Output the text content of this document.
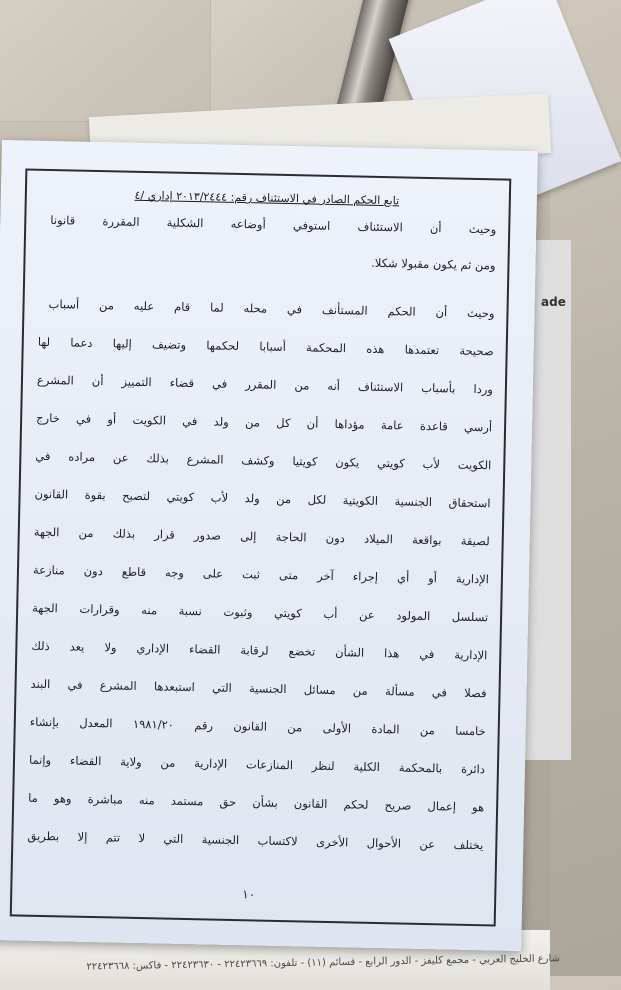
ade
شارع الخليج العربي - مجمع كليفز - الدور الرابع - قسائم (١١) - تلفون: ٢٢٤٢٣٦٦٩ - ٢٢٤٢٣٦٣٠ - فاكس: ٢٢٤٢٣٦٦٨
تابع الحكم الصادر في الاستئناف رقم: ٢٠١٣/٢٤٤٤ إداري /٤
وحيث أن الاستئناف استوفي أوضاعه الشكلية المقررة قانونا
ومن ثم يكون مقبولا شكلا.
وحيث أن الحكم المستأنف في محله لما قام عليه من أسباب
صحيحة تعتمدها هذه المحكمة أسبابا لحكمها وتضيف إليها دعما لها
وردا بأسباب الاستئناف أنه من المقرر في قضاء التمييز أن المشرع
أرسي قاعدة عامة مؤداها أن كل من ولد في الكويت أو في خارج
الكويت لأب كويتي يكون كويتيا وكشف المشرع بذلك عن مراده في
استحقاق الجنسية الكويتية لكل من ولد لأب كويتي لتصبح بقوة القانون
لصيقة بواقعة الميلاد دون الحاجة إلى صدور قرار بذلك من الجهة
الإدارية أو أي إجراء آخر متى ثبت على وجه قاطع دون منازعة
تسلسل المولود عن أب كويتي وثبوت نسبة منه وقرارات الجهة
الإدارية في هذا الشأن تخضع لرقابة القضاء الإداري ولا يعد ذلك
فصلا في مسألة من مسائل الجنسية التي استبعدها المشرع في البند
خامسا من المادة الأولى من القانون رقم ١٩٨١/٢٠ المعدل بإنشاء
دائرة بالمحكمة الكلية لنظر المنازعات الإدارية من ولاية القضاء وإنما
هو إعمال صريح لحكم القانون بشأن حق مستمد منه مباشرة وهو ما
يختلف عن الأحوال الأخرى لاكتساب الجنسية التي لا تتم إلا بطريق
١٠
